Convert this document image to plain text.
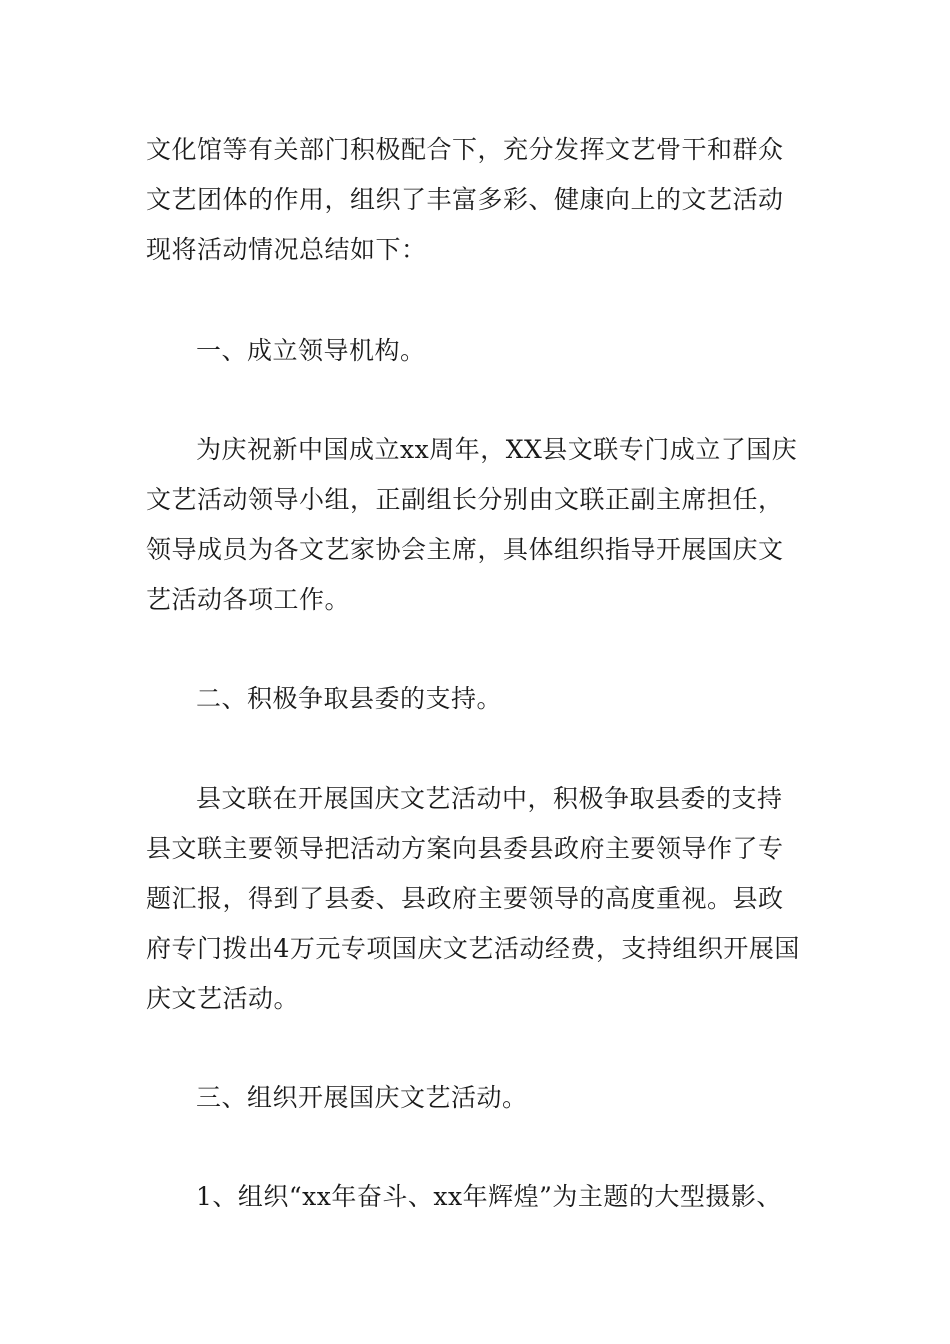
文化馆等有关部门积极配合下，充分发挥文艺骨干和群众
文艺团体的作用，组织了丰富多彩、健康向上的文艺活动
现将活动情况总结如下：
一、成立领导机构。
为庆祝新中国成立xx周年，XX县文联专门成立了国庆
文艺活动领导小组，正副组长分别由文联正副主席担任，
领导成员为各文艺家协会主席，具体组织指导开展国庆文
艺活动各项工作。
二、积极争取县委的支持。
县文联在开展国庆文艺活动中，积极争取县委的支持
县文联主要领导把活动方案向县委县政府主要领导作了专
题汇报，得到了县委、县政府主要领导的高度重视。县政
府专门拨出4万元专项国庆文艺活动经费，支持组织开展国
庆文艺活动。
三、组织开展国庆文艺活动。
1、组织“xx年奋斗、xx年辉煌”为主题的大型摄影、
